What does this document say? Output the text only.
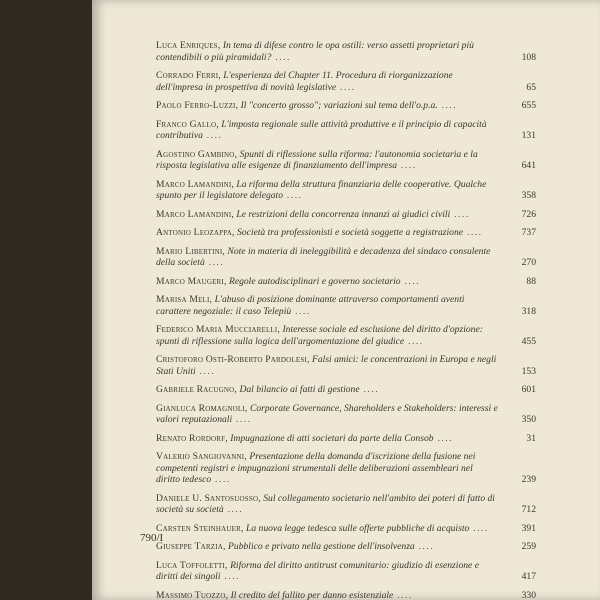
Luca Enriques, In tema di difese contro le opa ostili: verso assetti proprietari più contendibili o più piramidali? ....	108
Corrado Ferri, L'esperienza del Chapter 11. Procedura di riorganizzazione dell'impresa in prospettiva di novità legislative ....	65
Paolo Ferro-Luzzi, Il "concerto grosso"; variazioni sul tema dell'o.p.a. ....	655
Franco Gallo, L'imposta regionale sulle attività produttive e il principio di capacità contributiva ....	131
Agostino Gambino, Spunti di riflessione sulla riforma: l'autonomia societaria e la risposta legislativa alle esigenze di finanziamento dell'impresa ....	641
Marco Lamandini, La riforma della struttura finanziaria delle cooperative. Qualche spunto per il legislatore delegato ....	358
Marco Lamandini, Le restrizioni della concorrenza innanzi ai giudici civili ....	726
Antonio Leozappa, Società tra professionisti e società soggette a registrazione ....	737
Mario Libertini, Note in materia di ineleggibilità e decadenza del sindaco consulente della società ....	270
Marco Maugeri, Regole autodisciplinari e governo societario ....	88
Marisa Meli, L'abuso di posizione dominante attraverso comportamenti aventi carattere negoziale: il caso Telepiù ....	318
Federico Maria Mucciarelli, Interesse sociale ed esclusione del diritto d'opzione: spunti di riflessione sulla logica dell'argomentazione del giudice ....	455
Cristoforo Osti-Roberto Pardolesi, Falsi amici: le concentrazioni in Europa e negli Stati Uniti ....	153
Gabriele Racugno, Dal bilancio ai fatti di gestione ....	601
Gianluca Romagnoli, Corporate Governance, Shareholders e Stakeholders: interessi e valori reputazionali ....	350
Renato Rordorf, Impugnazione di atti societari da parte della Consob ....	31
Valerio Sangiovanni, Presentazione della domanda d'iscrizione della fusione nei competenti registri e impugnazioni strumentali delle deliberazioni assembleari nel diritto tedesco ....	239
Daniele U. Santosuosso, Sul collegamento societario nell'ambito dei poteri di fatto di società su società ....	712
Carsten Steinhauer, La nuova legge tedesca sulle offerte pubbliche di acquisto ....	391
Giuseppe Tarzia, Pubblico e privato nella gestione dell'insolvenza ....	259
Luca Toffoletti, Riforma del diritto antitrust comunitario: giudizio di esenzione e diritti dei singoli ....	417
Massimo Tuozzo, Il credito del fallito per danno esistenziale ....	330
790/I
